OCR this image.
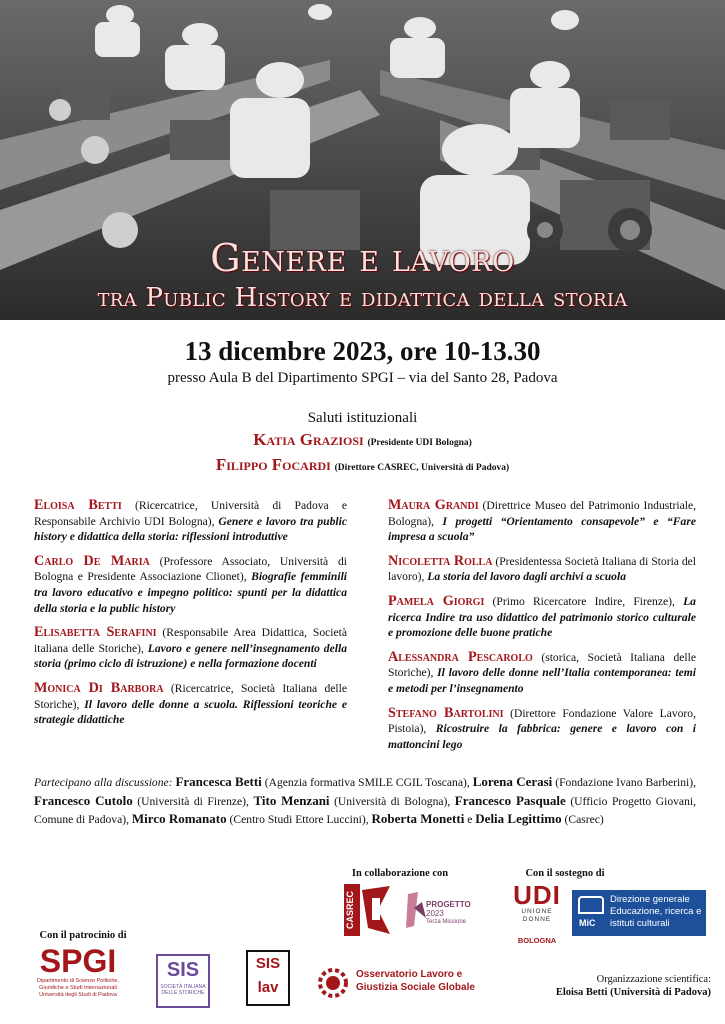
Genere e lavoro
tra Public History e didattica della storia
13 dicembre 2023, ore 10-13.30
presso Aula B del Dipartimento SPGI – via del Santo 28, Padova
Saluti istituzionali
Katia Graziosi (Presidente UDI Bologna)
Filippo Focardi (Direttore CASREC, Università di Padova)
Eloisa Betti (Ricercatrice, Università di Padova e Responsabile Archivio UDI Bologna), Genere e lavoro tra public history e didattica della storia: riflessioni introduttive
Carlo De Maria (Professore Associato, Università di Bologna e Presidente Associazione Clionet), Biografie femminili tra lavoro educativo e impegno politico: spunti per la didattica della storia e la public history
Elisabetta Serafini (Responsabile Area Didattica, Società italiana delle Storiche), Lavoro e genere nell’insegnamento della storia (primo ciclo di istruzione) e nella formazione docenti
Monica Di Barbora (Ricercatrice, Società Italiana delle Storiche), Il lavoro delle donne a scuola. Riflessioni teoriche e strategie didattiche
Maura Grandi (Direttrice Museo del Patrimonio Industriale, Bologna), I progetti “Orientamento consapevole” e “Fare impresa a scuola”
Nicoletta Rolla (Presidentessa Società Italiana di Storia del lavoro), La storia del lavoro dagli archivi a scuola
Pamela Giorgi (Primo Ricercatore Indire, Firenze), La ricerca Indire tra uso didattico del patrimonio storico culturale e promozione delle buone pratiche
Alessandra Pescarolo (storica, Società Italiana delle Storiche), Il lavoro delle donne nell’Italia contemporanea: temi e metodi per l’insegnamento
Stefano Bartolini (Direttore Fondazione Valore Lavoro, Pistoia), Ricostruire la fabbrica: genere e lavoro con i mattoncini lego
Partecipano alla discussione: Francesca Betti (Agenzia formativa SMILE CGIL Toscana), Lorena Cerasi (Fondazione Ivano Barberini), Francesco Cutolo (Università di Firenze), Tito Menzani (Università di Bologna), Francesco Pasquale (Ufficio Progetto Giovani, Comune di Padova), Mirco Romanato (Centro Studi Ettore Luccini), Roberta Monetti e Delia Legittimo (Casrec)
In collaborazione con	Con il sostegno di
Con il patrocinio di
CASREC	PROGETTO
2023
Terza Missione
UDI
UNIONE DONNE
BOLOGNA
MiC
Direzione generale Educazione, ricerca e istituti culturali
SPGI
Dipartimento di Scienze Politiche, Giuridiche e Studi Internazionali Università degli Studi di Padova
SIS
SOCIETÀ ITALIANA DELLE STORICHE
SIS lav
Osservatorio Lavoro e Giustizia Sociale Globale
Organizzazione scientifica:
Eloisa Betti (Università di Padova)
